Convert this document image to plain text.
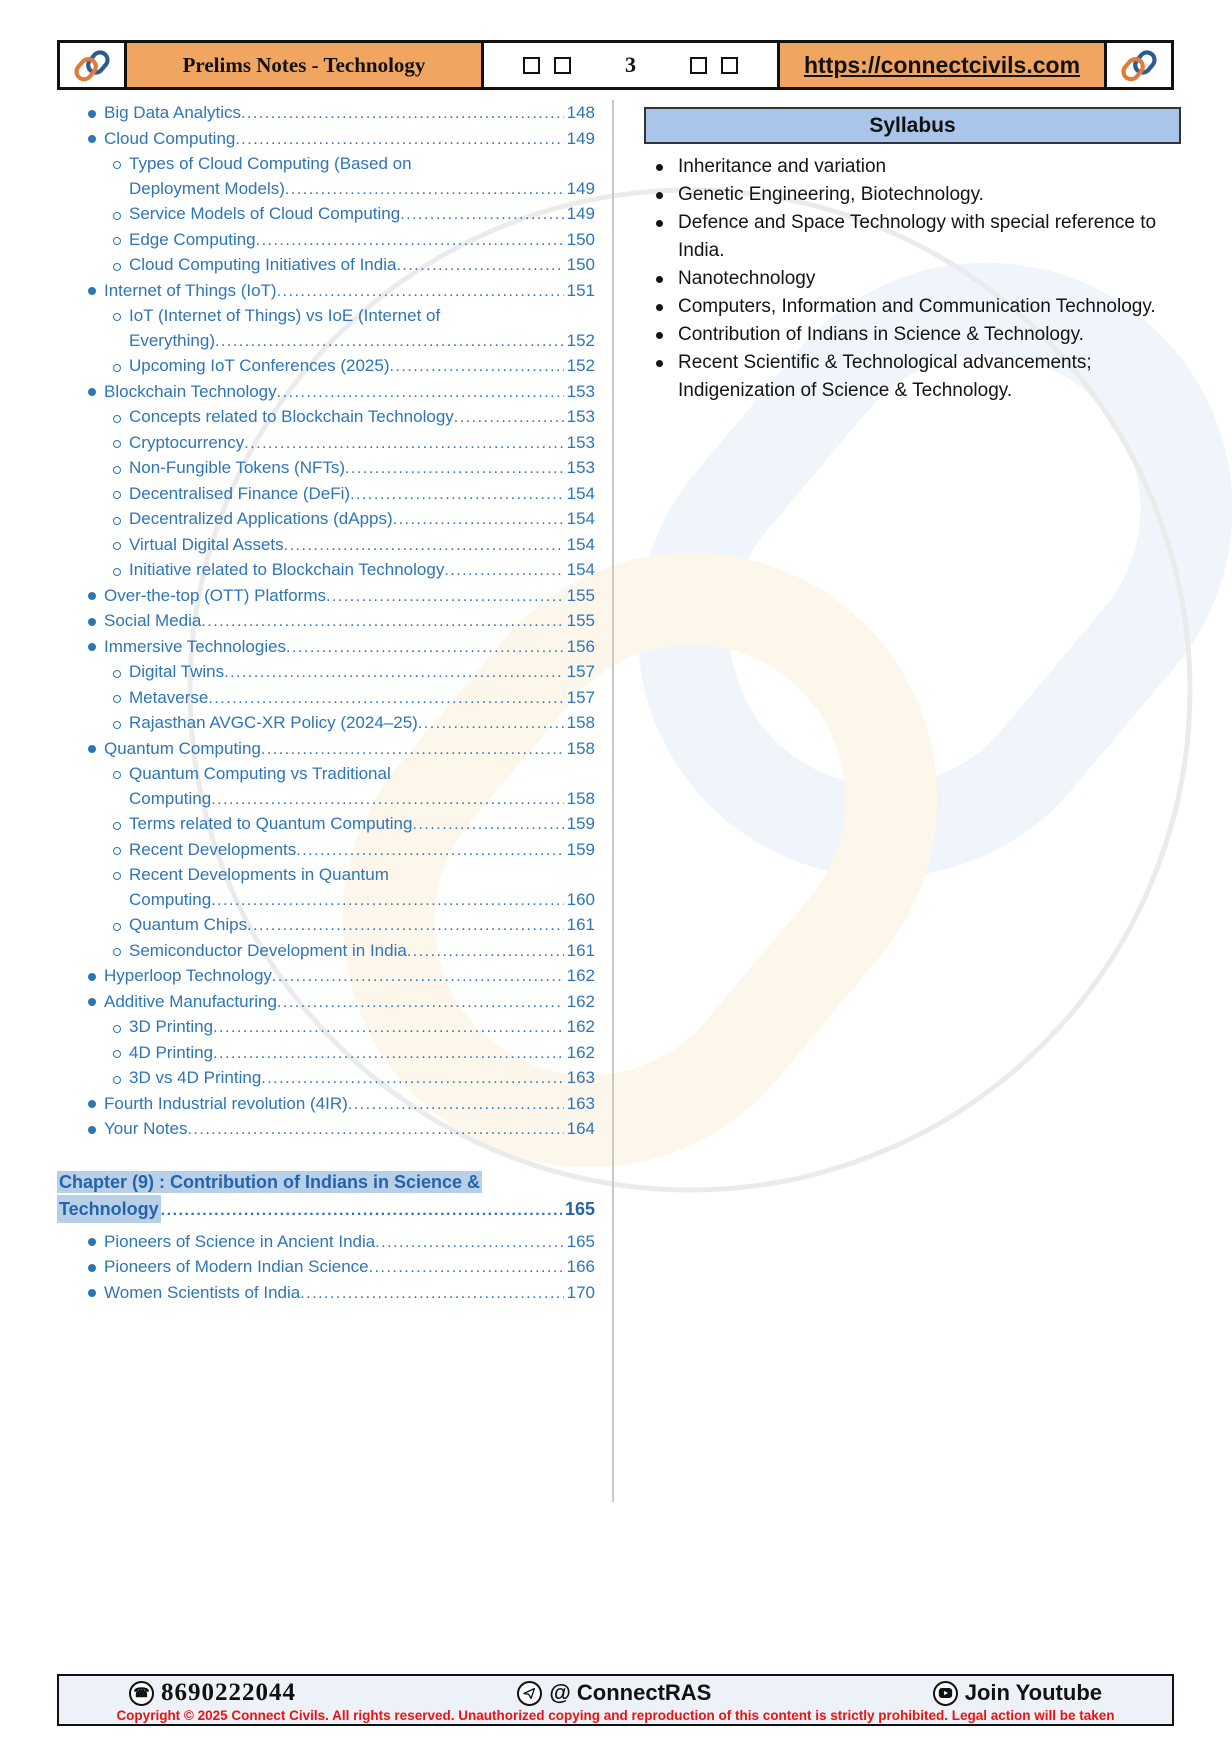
Prelims Notes - Technology	3	https://connectcivils.com
Big Data Analytics .....	148
Cloud Computing .....	149
Types of Cloud Computing (Based on
Deployment Models) .....	149
Service Models of Cloud Computing .....	149
Edge Computing .....	150
Cloud Computing Initiatives of India .....	150
Internet of Things (IoT) .....	151
IoT (Internet of Things) vs IoE (Internet of
Everything) .....	152
Upcoming IoT Conferences (2025) .....	152
Blockchain Technology .....	153
Concepts related to Blockchain Technology .....	153
Cryptocurrency .....	153
Non-Fungible Tokens (NFTs) .....	153
Decentralised Finance (DeFi) .....	154
Decentralized Applications (dApps) .....	154
Virtual Digital Assets .....	154
Initiative related to Blockchain Technology .....	154
Over-the-top (OTT) Platforms .....	155
Social Media .....	155
Immersive Technologies .....	156
Digital Twins .....	157
Metaverse .....	157
Rajasthan AVGC-XR Policy (2024–25) .....	158
Quantum Computing .....	158
Quantum Computing vs Traditional
Computing .....	158
Terms related to Quantum Computing .....	159
Recent Developments .....	159
Recent Developments in Quantum
Computing .....	160
Quantum Chips .....	161
Semiconductor Development in India .....	161
Hyperloop Technology .....	162
Additive Manufacturing .....	162
3D Printing .....	162
4D Printing .....	162
3D vs 4D Printing .....	163
Fourth Industrial revolution (4IR) .....	163
Your Notes .....	164
Chapter (9) : Contribution of Indians in Science &
Technology .....	165
Pioneers of Science in Ancient India .....	165
Pioneers of Modern Indian Science .....	166
Women Scientists of India .....	170
Syllabus
Inheritance and variation
Genetic Engineering, Biotechnology.
Defence and Space Technology with special reference to India.
Nanotechnology
Computers, Information and Communication Technology.
Contribution of Indians in Science & Technology.
Recent Scientific & Technological advancements; Indigenization of Science & Technology.
☎ 8690222044	@ ConnectRAS	Join Youtube
Copyright © 2025 Connect Civils. All rights reserved. Unauthorized copying and reproduction of this content is strictly prohibited. Legal action will be taken
